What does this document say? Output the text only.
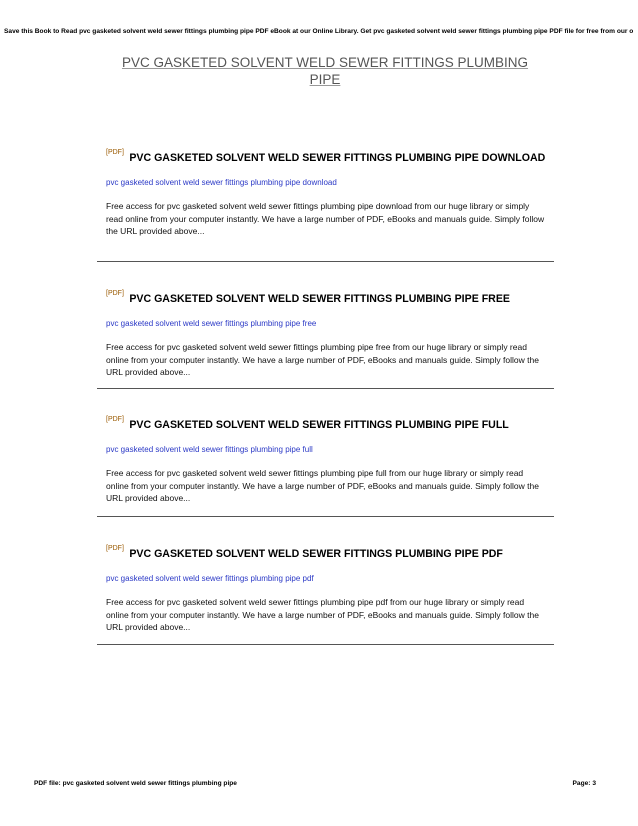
Save this Book to Read pvc gasketed solvent weld sewer fittings plumbing pipe PDF eBook at our Online Library. Get pvc gasketed solvent weld sewer fittings plumbing pipe PDF file for free from our o
PVC GASKETED SOLVENT WELD SEWER FITTINGS PLUMBING
PIPE
[PDF] PVC GASKETED SOLVENT WELD SEWER FITTINGS PLUMBING PIPE DOWNLOAD
pvc gasketed solvent weld sewer fittings plumbing pipe download
Free access for pvc gasketed solvent weld sewer fittings plumbing pipe download from our huge library or simply read online from your computer instantly. We have a large number of PDF, eBooks and manuals guide. Simply follow the URL provided above...
[PDF] PVC GASKETED SOLVENT WELD SEWER FITTINGS PLUMBING PIPE FREE
pvc gasketed solvent weld sewer fittings plumbing pipe free
Free access for pvc gasketed solvent weld sewer fittings plumbing pipe free from our huge library or simply read online from your computer instantly. We have a large number of PDF, eBooks and manuals guide. Simply follow the URL provided above...
[PDF] PVC GASKETED SOLVENT WELD SEWER FITTINGS PLUMBING PIPE FULL
pvc gasketed solvent weld sewer fittings plumbing pipe full
Free access for pvc gasketed solvent weld sewer fittings plumbing pipe full from our huge library or simply read online from your computer instantly. We have a large number of PDF, eBooks and manuals guide. Simply follow the URL provided above...
[PDF] PVC GASKETED SOLVENT WELD SEWER FITTINGS PLUMBING PIPE PDF
pvc gasketed solvent weld sewer fittings plumbing pipe pdf
Free access for pvc gasketed solvent weld sewer fittings plumbing pipe pdf from our huge library or simply read online from your computer instantly. We have a large number of PDF, eBooks and manuals guide. Simply follow the URL provided above...
PDF file: pvc gasketed solvent weld sewer fittings plumbing pipe	Page: 3
